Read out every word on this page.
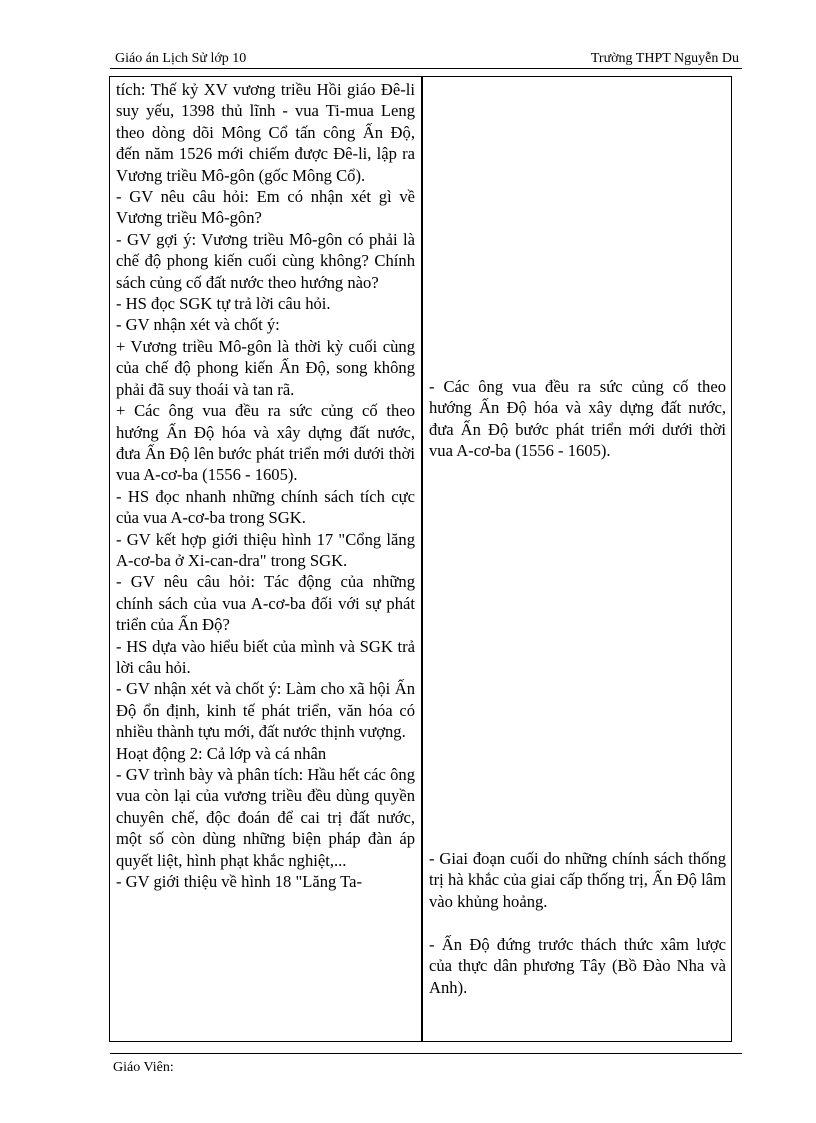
Giáo án Lịch Sử lớp 10	Trường THPT Nguyễn Du

tích: Thế kỷ XV vương triều Hồi giáo Đê-li suy yếu, 1398 thủ lĩnh - vua Ti-mua Leng theo dòng dõi Mông Cổ tấn công Ấn Độ, đến năm 1526 mới chiếm được Đê-li, lập ra Vương triều Mô-gôn (gốc Mông Cổ).

- GV nêu câu hỏi: Em có nhận xét gì về Vương triều Mô-gôn?

- GV gợi ý: Vương triều Mô-gôn có phải là chế độ phong kiến cuối cùng không? Chính sách củng cố đất nước theo hướng nào?

- HS đọc SGK tự trả lời câu hỏi.

- GV nhận xét và chốt ý:

+ Vương triều Mô-gôn là thời kỳ cuối cùng của chế độ phong kiến Ấn Độ, song không phải đã suy thoái và tan rã.

+ Các ông vua đều ra sức củng cố theo hướng Ấn Độ hóa và xây dựng đất nước, đưa Ấn Độ lên bước phát triển mới dưới thời vua A-cơ-ba (1556 - 1605).

- HS đọc nhanh những chính sách tích cực của vua A-cơ-ba trong SGK.

- GV kết hợp giới thiệu hình 17 "Cổng lăng A-cơ-ba ở Xi-can-dra" trong SGK.

- GV nêu câu hỏi: Tác động của những chính sách của vua A-cơ-ba đối với sự phát triển của Ấn Độ?

- HS dựa vào hiểu biết của mình và SGK trả lời câu hỏi.

- GV nhận xét và chốt ý: Làm cho xã hội Ấn Độ ổn định, kinh tế phát triển, văn hóa có nhiều thành tựu mới, đất nước thịnh vượng.

Hoạt động 2: Cả lớp và cá nhân

- GV trình bày và phân tích: Hầu hết các ông vua còn lại của vương triều đều dùng quyền chuyên chế, độc đoán để cai trị đất nước, một số còn dùng những biện pháp đàn áp quyết liệt, hình phạt khắc nghiệt,...

- GV giới thiệu về hình 18 "Lăng Ta-

- Các ông vua đều ra sức củng cố theo hướng Ấn Độ hóa và xây dựng đất nước, đưa Ấn Độ bước phát triển mới dưới thời vua A-cơ-ba (1556 - 1605).

- Giai đoạn cuối do những chính sách thống trị hà khắc của giai cấp thống trị, Ấn Độ lâm vào khủng hoảng.

- Ấn Độ đứng trước thách thức xâm lược của thực dân phương Tây (Bồ Đào Nha và Anh).

Giáo Viên:
